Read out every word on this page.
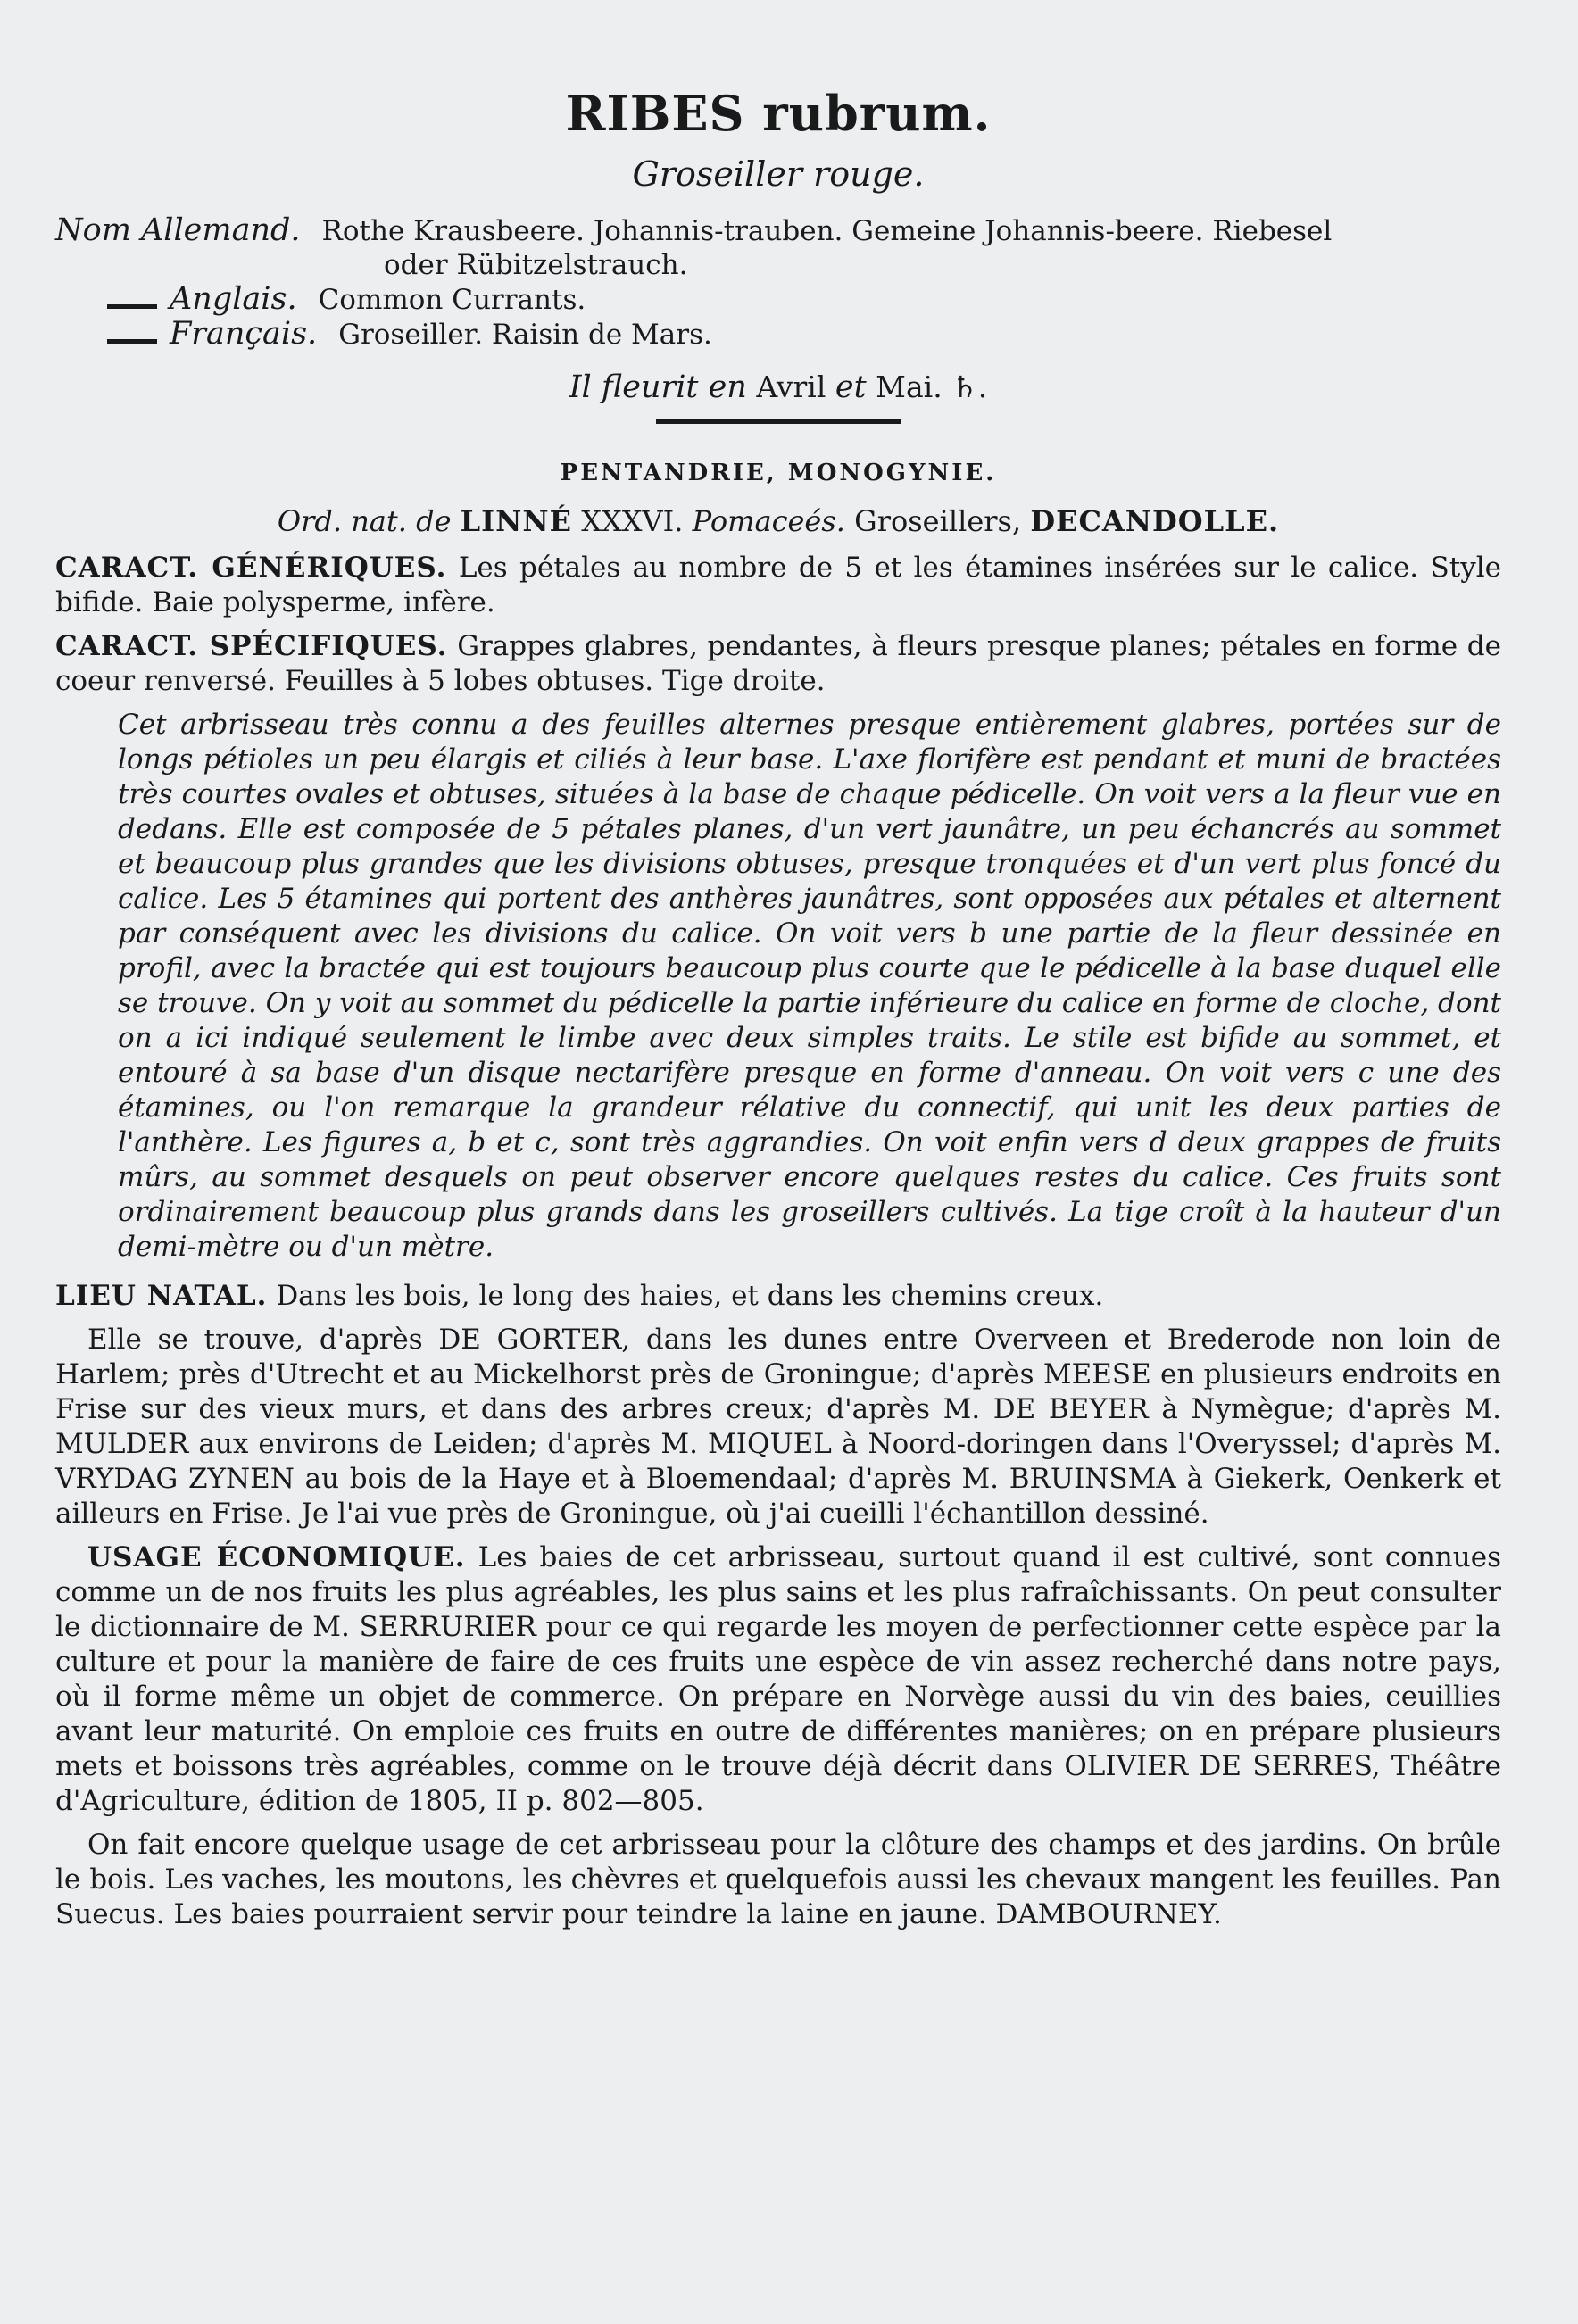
RIBES rubrum.
Groseiller rouge.
Nom Allemand. Rothe Krausbeere. Johannis-trauben. Gemeine Johannis-beere. Riebesel
oder Rübitzelstrauch.
Anglais. Common Currants.
Français. Groseiller. Raisin de Mars.
Il fleurit en Avril et Mai. ♄.
PENTANDRIE, MONOGYNIE.
Ord. nat. de LINNÉ XXXVI. Pomaceés. Groseillers, DECANDOLLE.

CARACT. GÉNÉRIQUES. Les pétales au nombre de 5 et les étamines insérées sur le calice. Style bifide. Baie polysperme, infère.

CARACT. SPÉCIFIQUES. Grappes glabres, pendantes, à fleurs presque planes; pétales en forme de coeur renversé. Feuilles à 5 lobes obtuses. Tige droite.

Cet arbrisseau très connu a des feuilles alternes presque entièrement glabres, portées sur de longs pétioles un peu élargis et ciliés à leur base. L'axe florifère est pendant et muni de bractées très courtes ovales et obtuses, situées à la base de chaque pédicelle. On voit vers a la fleur vue en dedans. Elle est composée de 5 pétales planes, d'un vert jaunâtre, un peu échancrés au sommet et beaucoup plus grandes que les divisions obtuses, presque tronquées et d'un vert plus foncé du calice. Les 5 étamines qui portent des anthères jaunâtres, sont opposées aux pétales et alternent par conséquent avec les divisions du calice. On voit vers b une partie de la fleur dessinée en profil, avec la bractée qui est toujours beaucoup plus courte que le pédicelle à la base duquel elle se trouve. On y voit au sommet du pédicelle la partie inférieure du calice en forme de cloche, dont on a ici indiqué seulement le limbe avec deux simples traits. Le stile est bifide au sommet, et entouré à sa base d'un disque nectarifère presque en forme d'anneau. On voit vers c une des étamines, ou l'on remarque la grandeur rélative du connectif, qui unit les deux parties de l'anthère. Les figures a, b et c, sont très aggrandies. On voit enfin vers d deux grappes de fruits mûrs, au sommet desquels on peut observer encore quelques restes du calice. Ces fruits sont ordinairement beaucoup plus grands dans les groseillers cultivés. La tige croît à la hauteur d'un demi-mètre ou d'un mètre.

LIEU NATAL. Dans les bois, le long des haies, et dans les chemins creux.

Elle se trouve, d'après DE GORTER, dans les dunes entre Overveen et Brederode non loin de Harlem; près d'Utrecht et au Mickelhorst près de Groningue; d'après MEESE en plusieurs endroits en Frise sur des vieux murs, et dans des arbres creux; d'après M. DE BEYER à Nymègue; d'après M. MULDER aux environs de Leiden; d'après M. MIQUEL à Noord-doringen dans l'Overyssel; d'après M. VRYDAG ZYNEN au bois de la Haye et à Bloemendaal; d'après M. BRUINSMA à Giekerk, Oenkerk et ailleurs en Frise. Je l'ai vue près de Groningue, où j'ai cueilli l'échantillon dessiné.

USAGE ÉCONOMIQUE. Les baies de cet arbrisseau, surtout quand il est cultivé, sont connues comme un de nos fruits les plus agréables, les plus sains et les plus rafraîchissants. On peut consulter le dictionnaire de M. SERRURIER pour ce qui regarde les moyen de perfectionner cette espèce par la culture et pour la manière de faire de ces fruits une espèce de vin assez recherché dans notre pays, où il forme même un objet de commerce. On prépare en Norvège aussi du vin des baies, ceuillies avant leur maturité. On emploie ces fruits en outre de différentes manières; on en prépare plusieurs mets et boissons très agréables, comme on le trouve déjà décrit dans OLIVIER DE SERRES, Théâtre d'Agriculture, édition de 1805, II p. 802—805.

On fait encore quelque usage de cet arbrisseau pour la clôture des champs et des jardins. On brûle le bois. Les vaches, les moutons, les chèvres et quelquefois aussi les chevaux mangent les feuilles. Pan Suecus. Les baies pourraient servir pour teindre la laine en jaune. DAMBOURNEY.
